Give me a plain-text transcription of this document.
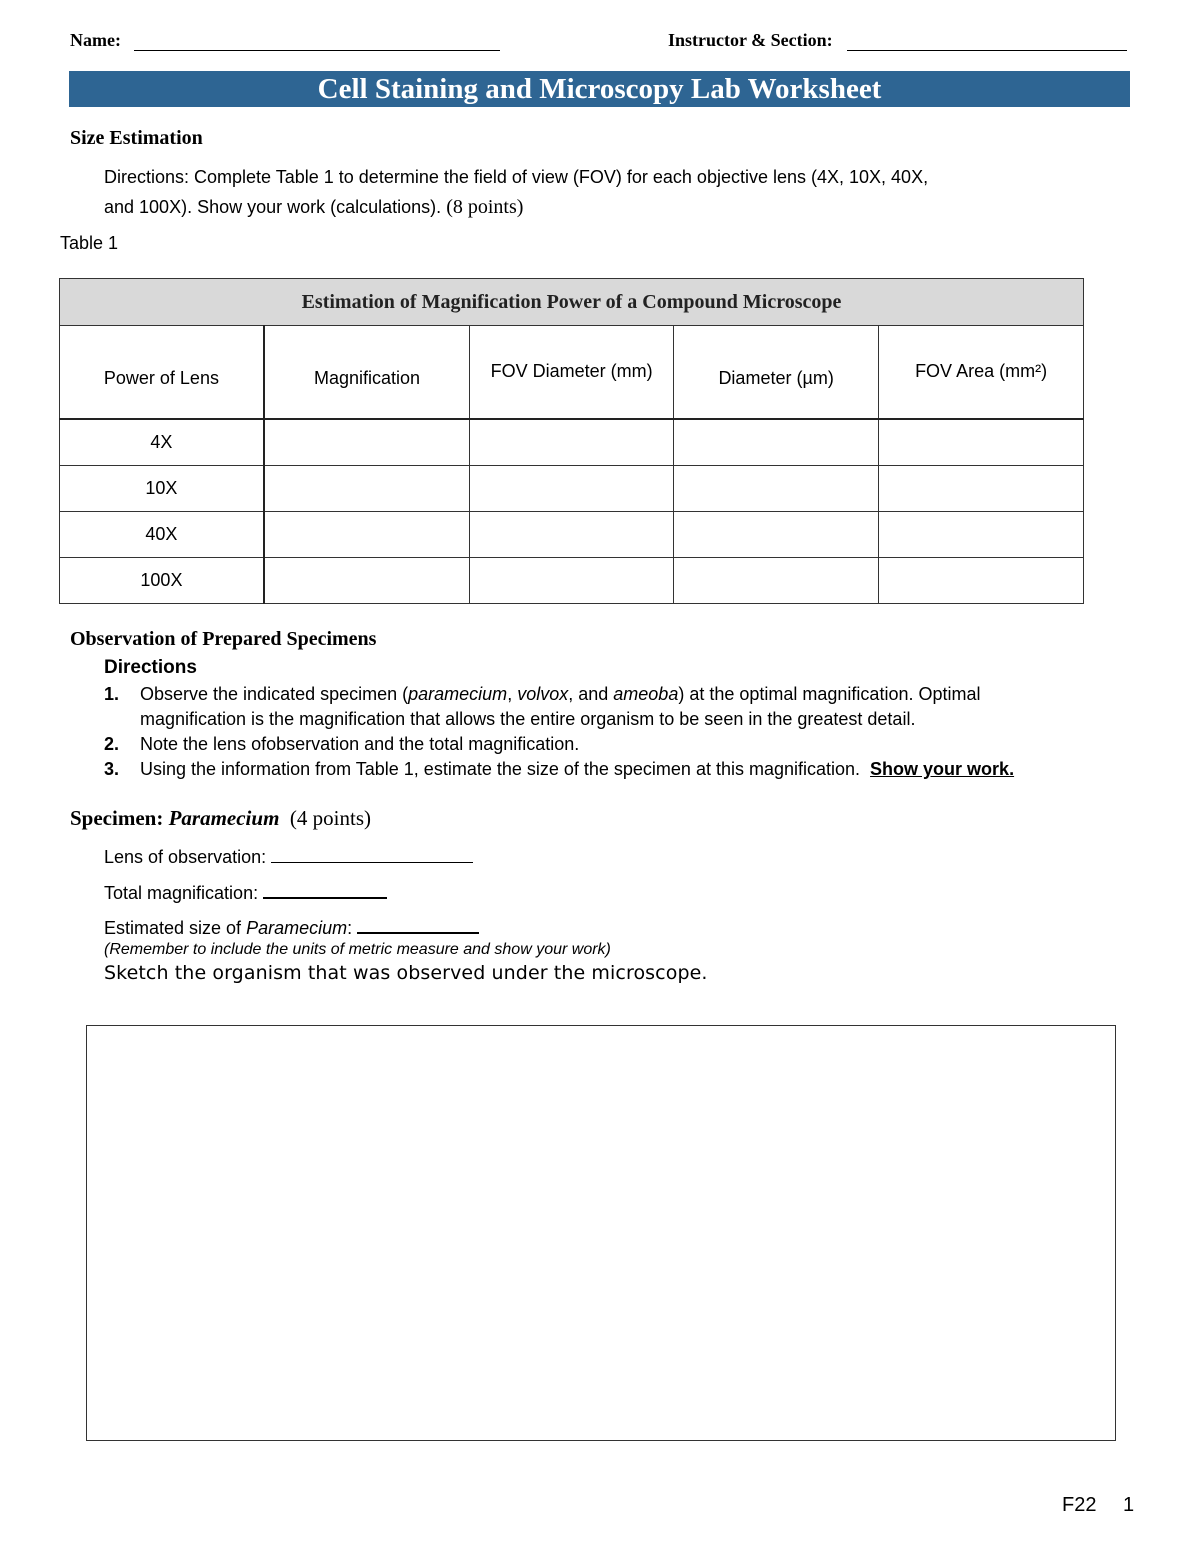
Name:	Instructor & Section:
Cell Staining and Microscopy Lab Worksheet
Size Estimation
Directions: Complete Table 1 to determine the field of view (FOV) for each objective lens (4X, 10X, 40X,
and 100X). Show your work (calculations). (8 points)
Table 1
Estimation of Magnification Power of a Compound Microscope				
Power of Lens	Magnification	FOV Diameter (mm)	Diameter (µm)	FOV Area (mm²)
4X				
10X				
40X				
100X				
Observation of Prepared Specimens
Directions
1. Observe the indicated specimen (paramecium, volvox, and ameoba) at the optimal magnification. Optimal
magnification is the magnification that allows the entire organism to be seen in the greatest detail.
2. Note the lens ofobservation and the total magnification.
3. Using the information from Table 1, estimate the size of the specimen at this magnification. Show your work.
Specimen: Paramecium (4 points)
Lens of observation:
Total magnification:
Estimated size of Paramecium:
(Remember to include the units of metric measure and show your work)
Sketch the organism that was observed under the microscope.
F22 1
